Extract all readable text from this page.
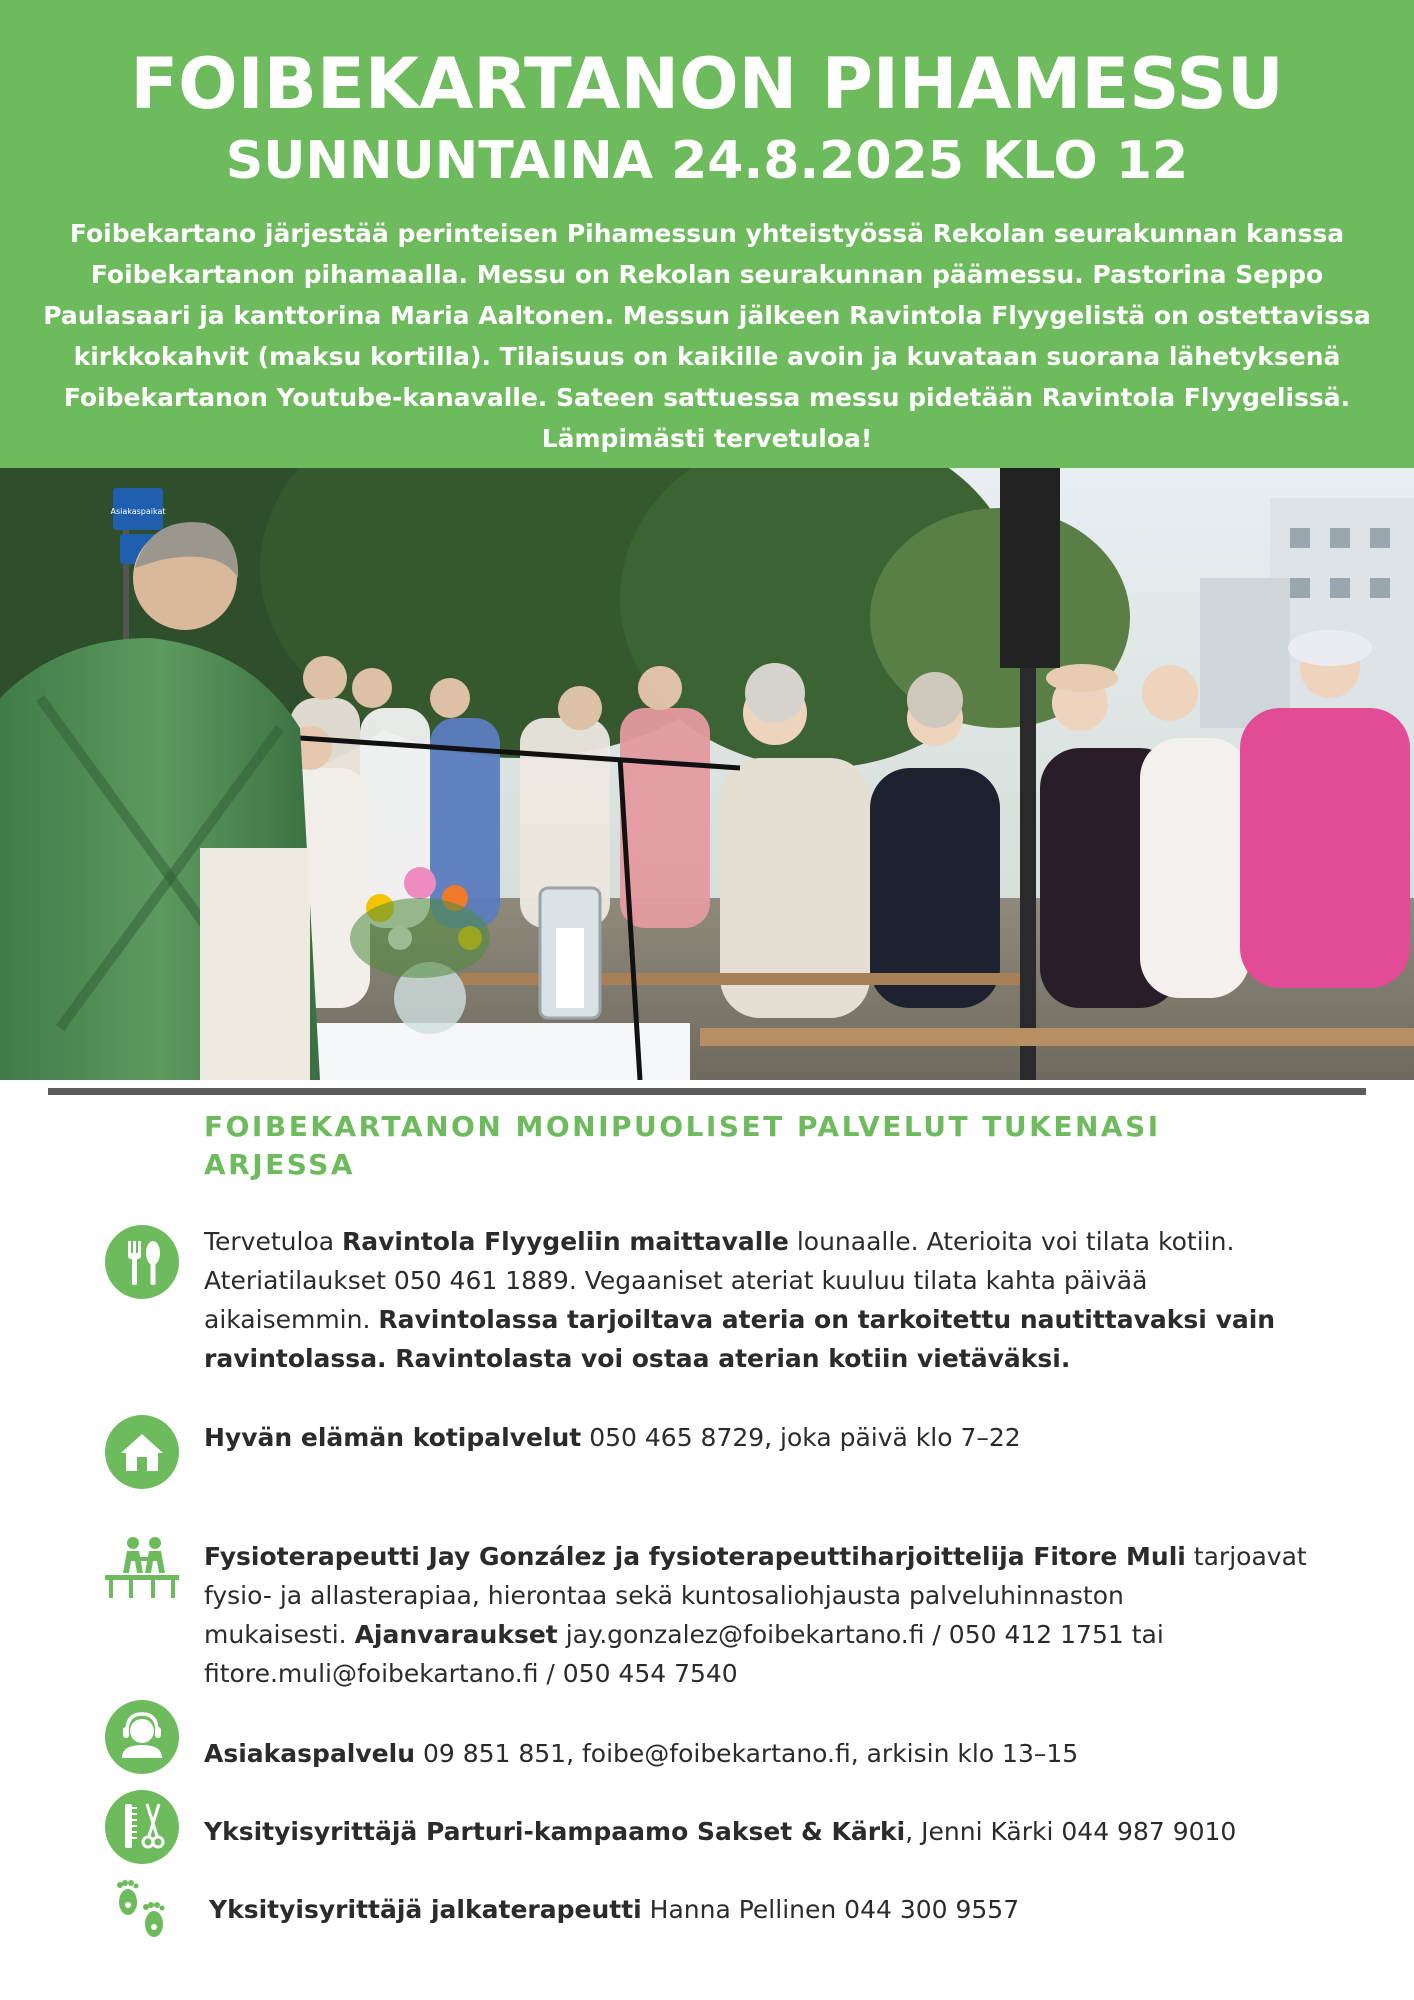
FOIBEKARTANON PIHAMESSU
SUNNUNTAINA 24.8.2025 KLO 12
Foibekartano järjestää perinteisen Pihamessun yhteistyössä Rekolan seurakunnan kanssa
Foibekartanon pihamaalla. Messu on Rekolan seurakunnan päämessu. Pastorina Seppo
Paulasaari ja kanttorina Maria Aaltonen. Messun jälkeen Ravintola Flyygelistä on ostettavissa
kirkkokahvit (maksu kortilla). Tilaisuus on kaikille avoin ja kuvataan suorana lähetyksenä
Foibekartanon Youtube-kanavalle. Sateen sattuessa messu pidetään Ravintola Flyygelissä.
Lämpimästi tervetuloa!
Asiakaspaikat
FOIBEKARTANON MONIPUOLISET PALVELUT TUKENASI
ARJESSA
Tervetuloa Ravintola Flyygeliin maittavalle lounaalle. Aterioita voi tilata kotiin.
Ateriatilaukset 050 461 1889. Vegaaniset ateriat kuuluu tilata kahta päivää
aikaisemmin. Ravintolassa tarjoiltava ateria on tarkoitettu nautittavaksi vain
ravintolassa. Ravintolasta voi ostaa aterian kotiin vietäväksi.
Hyvän elämän kotipalvelut 050 465 8729, joka päivä klo 7–22
Fysioterapeutti Jay González ja fysioterapeuttiharjoittelija Fitore Muli tarjoavat
fysio- ja allasterapiaa, hierontaa sekä kuntosaliohjausta palveluhinnaston
mukaisesti. Ajanvaraukset jay.gonzalez@foibekartano.fi / 050 412 1751 tai
fitore.muli@foibekartano.fi / 050 454 7540
Asiakaspalvelu 09 851 851, foibe@foibekartano.fi, arkisin klo 13–15
Yksityisyrittäjä Parturi-kampaamo Sakset & Kärki, Jenni Kärki 044 987 9010
Yksityisyrittäjä jalkaterapeutti Hanna Pellinen 044 300 9557
